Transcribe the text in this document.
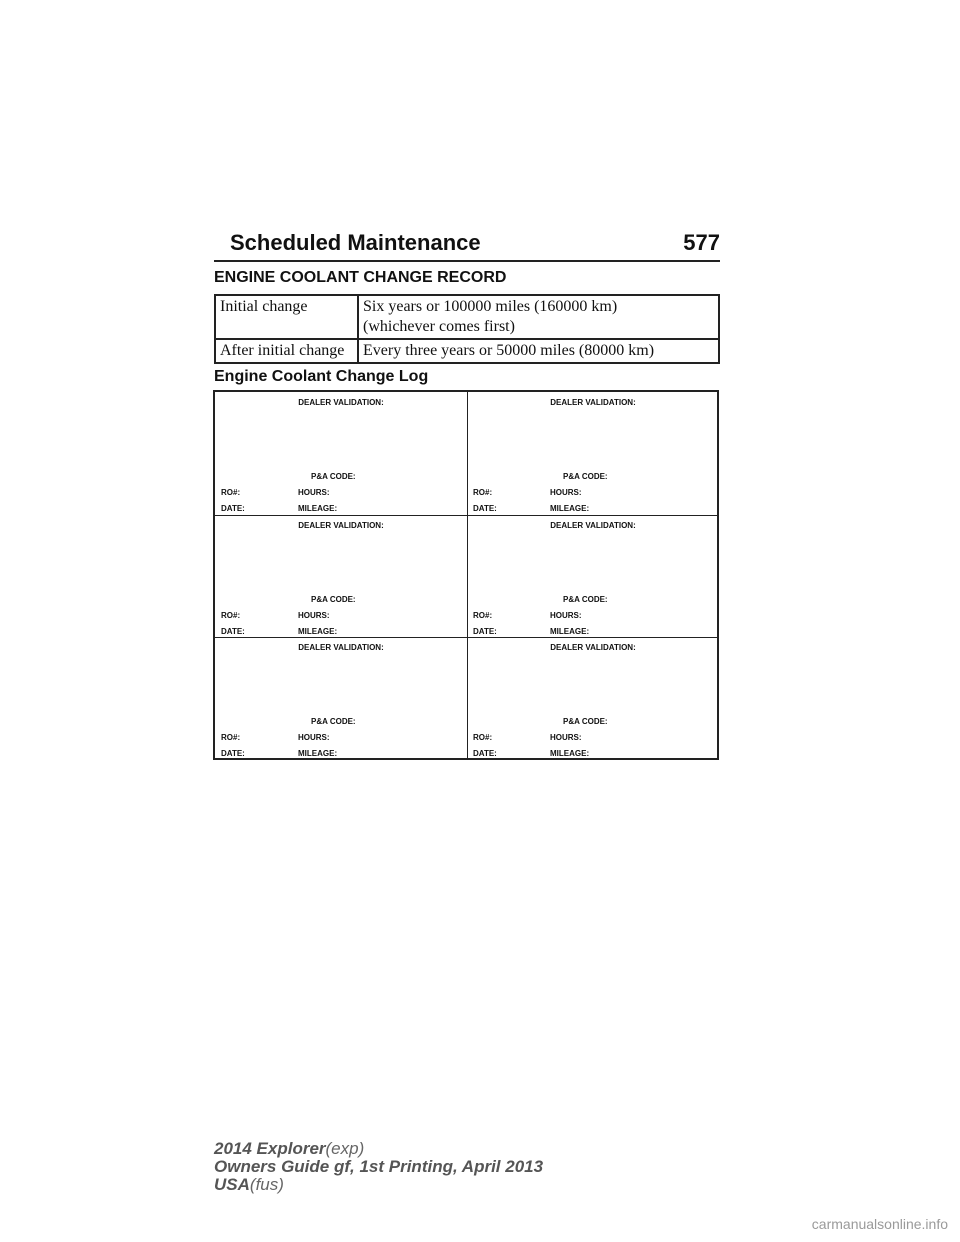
Scheduled Maintenance	577
ENGINE COOLANT CHANGE RECORD
Initial change	Six years or 100000 miles (160000 km)
(whichever comes first)

After initial change	Every three years or 50000 miles (80000 km)
Engine Coolant Change Log
DEALER VALIDATION:
P&A CODE:
RO#:	HOURS:
DATE:	MILEAGE:
DEALER VALIDATION:
P&A CODE:
RO#:	HOURS:
DATE:	MILEAGE:
DEALER VALIDATION:
P&A CODE:
RO#:	HOURS:
DATE:	MILEAGE:
DEALER VALIDATION:
P&A CODE:
RO#:	HOURS:
DATE:	MILEAGE:
DEALER VALIDATION:
P&A CODE:
RO#:	HOURS:
DATE:	MILEAGE:
DEALER VALIDATION:
P&A CODE:
RO#:	HOURS:
DATE:	MILEAGE:
2014 Explorer(exp)
Owners Guide gf, 1st Printing, April 2013
USA(fus)
carmanualsonline.info
